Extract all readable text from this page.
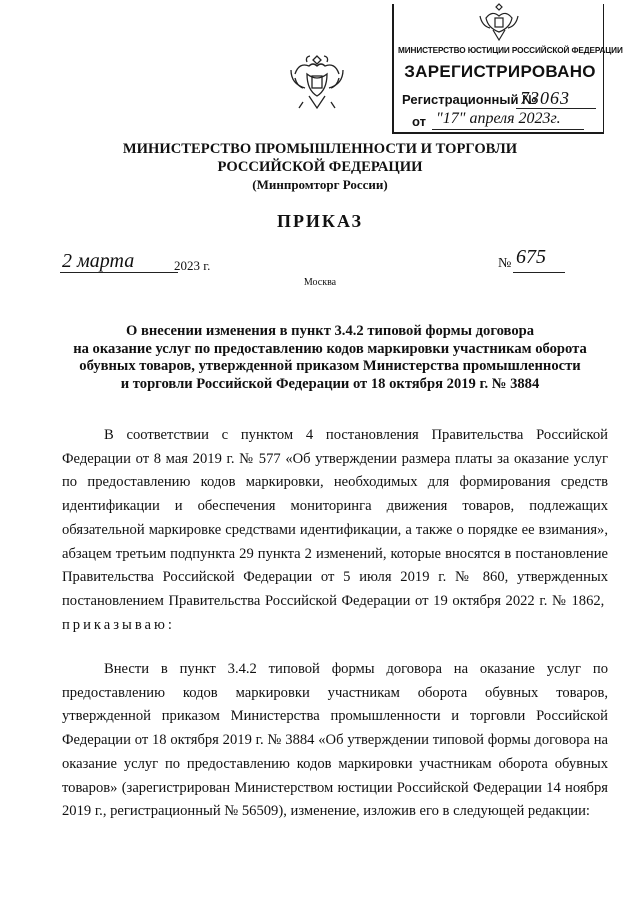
МИНИСТЕРСТВО ЮСТИЦИИ РОССИЙСКОЙ ФЕДЕРАЦИИ
ЗАРЕГИСТРИРОВАНО
Регистрационный №
73063
от "17" апреля 2023г.
МИНИСТЕРСТВО ПРОМЫШЛЕННОСТИ И ТОРГОВЛИ
РОССИЙСКОЙ ФЕДЕРАЦИИ
(Минпромторг России)
ПРИКАЗ
2 марта	2023 г.	№ 675
Москва
О внесении изменения в пункт 3.4.2 типовой формы договора
на оказание услуг по предоставлению кодов маркировки участникам оборота
обувных товаров, утвержденной приказом Министерства промышленности
и торговли Российской Федерации от 18 октября 2019 г. № 3884
В соответствии с пунктом 4 постановления Правительства Российской Федерации от 8 мая 2019 г. № 577 «Об утверждении размера платы за оказание услуг по предоставлению кодов маркировки, необходимых для формирования средств идентификации и обеспечения мониторинга движения товаров, подлежащих обязательной маркировке средствами идентификации, а также о порядке ее взимания», абзацем третьим подпункта 29 пункта 2 изменений, которые вносятся в постановление Правительства Российской Федерации от 5 июля 2019 г. № 860, утвержденных постановлением Правительства Российской Федерации от 19 октября 2022 г. № 1862,  приказываю:
Внести в пункт 3.4.2 типовой формы договора на оказание услуг по предоставлению кодов маркировки участникам оборота обувных товаров, утвержденной приказом Министерства промышленности и торговли Российской Федерации от 18 октября 2019 г. № 3884 «Об утверждении типовой формы договора на оказание услуг по предоставлению кодов маркировки участникам оборота обувных товаров» (зарегистрирован Министерством юстиции Российской Федерации 14 ноября 2019 г., регистрационный № 56509), изменение, изложив его в следующей редакции:
